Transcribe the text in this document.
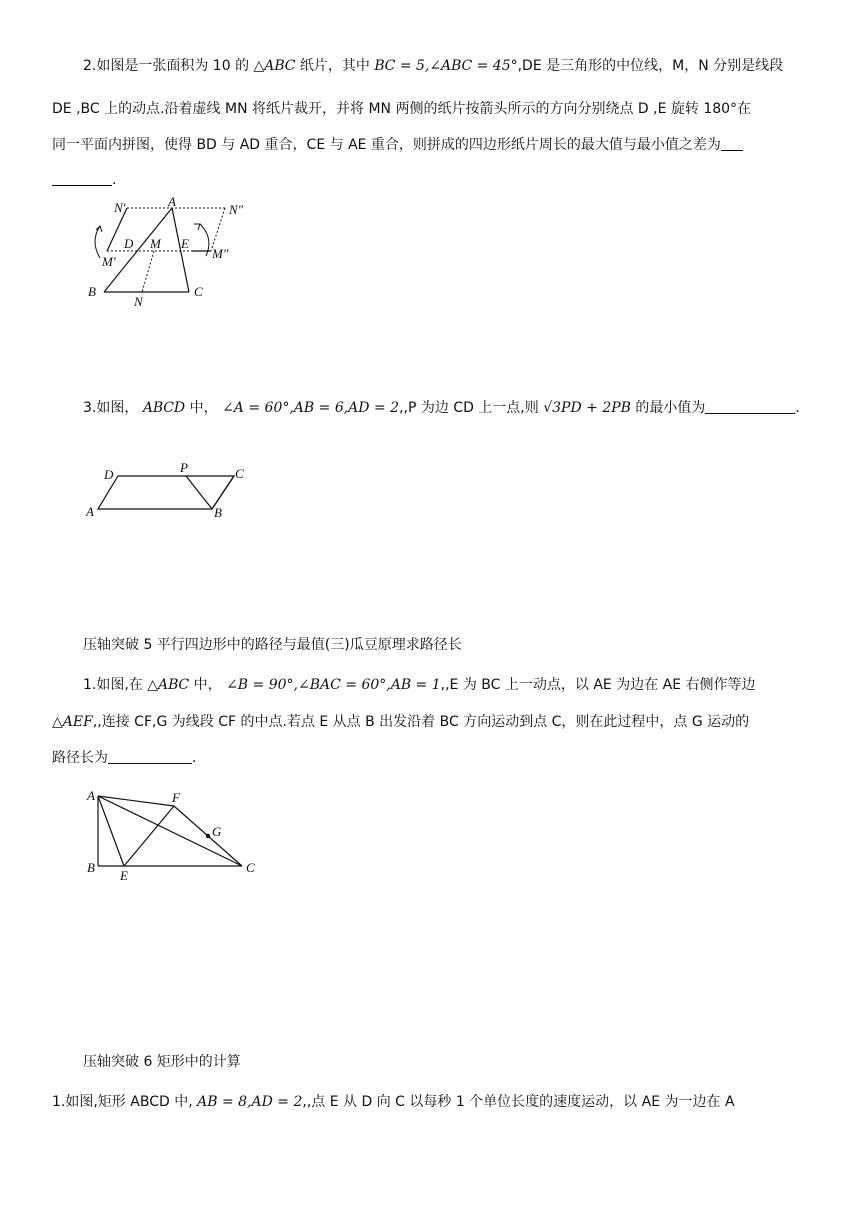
2.如图是一张面积为 10 的 △𝐴𝐵𝐶 纸片，其中 𝐵𝐶 = 5,∠𝐴𝐵𝐶 = 45°,DE 是三角形的中位线，M，N 分别是线段
DE ,BC 上的动点.沿着虚线 MN 将纸片裁开，并将 MN 两侧的纸片按箭头所示的方向分别绕点 D ,E 旋转 180°在
同一平面内拼图，使得 BD 与 AD 重合，CE 与 AE 重合，则拼成的四边形纸片周长的最大值与最小值之差为
.
N′	A
N″
D M E
M′
M″
B
N
C
3.如图， 𝐴𝐵𝐶𝐷 中， ∠𝐴 = 60°,𝐴𝐵 = 6,𝐴𝐷 = 2,,P 为边 CD 上一点,则 √3𝑃𝐷 + 2𝑃𝐵 的最小值为	.
D	P	C
A	B
压轴突破 5 平行四边形中的路径与最值(三)瓜豆原理求路径长
1.如图,在 △𝐴𝐵𝐶 中， ∠𝐵 = 90°,∠𝐵𝐴𝐶 = 60°,𝐴𝐵 = 1,,E 为 BC 上一动点，以 AE 为边在 AE 右侧作等边
△𝐴𝐸𝐹,,连接 CF,G 为线段 CF 的中点.若点 E 从点 B 出发沿着 BC 方向运动到点 C，则在此过程中，点 G 运动的
路径长为	.
A	F
G
B
E
C
压轴突破 6 矩形中的计算
1.如图,矩形 ABCD 中, 𝐴𝐵 = 8,𝐴𝐷 = 2,,点 E 从 D 向 C 以每秒 1 个单位长度的速度运动，以 AE 为一边在 A
